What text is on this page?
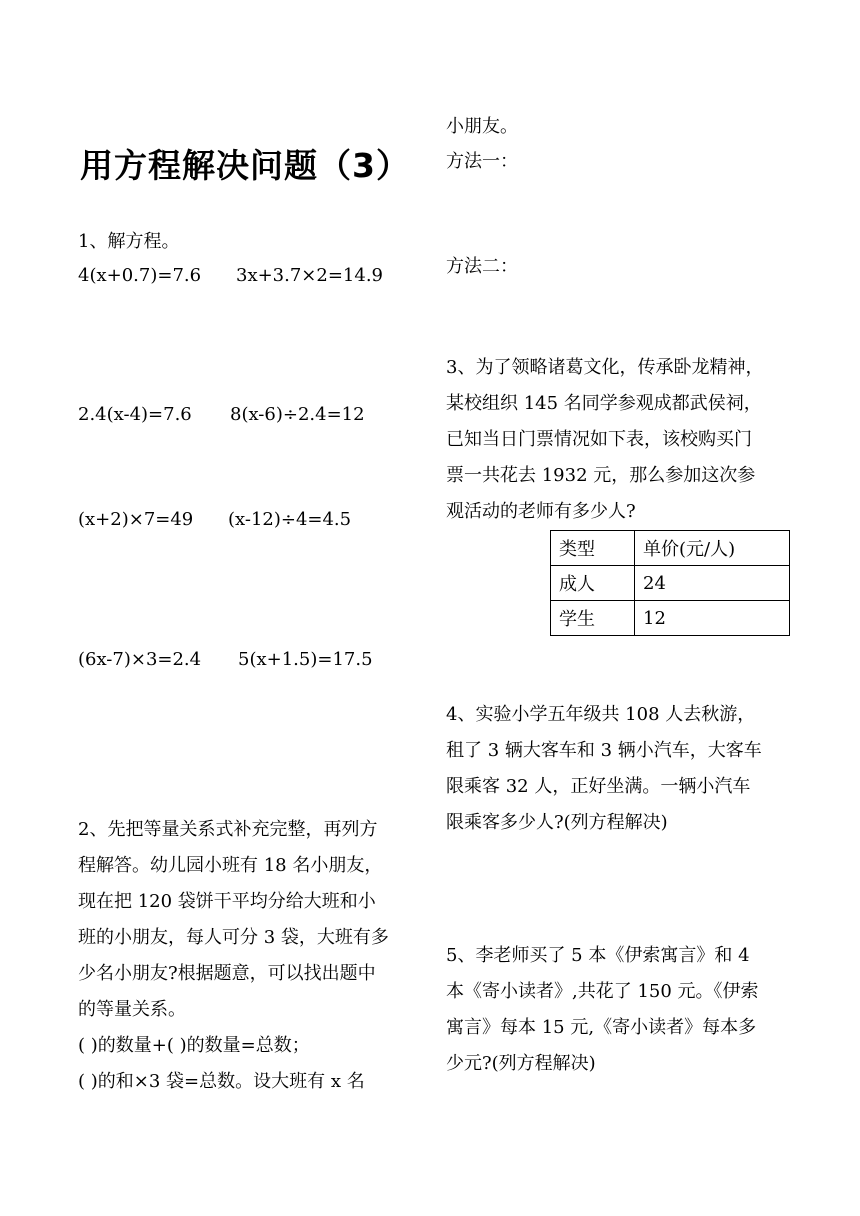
用方程解决问题（3）
1、解方程。
4(x+0.7)=7.6 3x+3.7×2=14.9
2.4(x-4)=7.6 8(x-6)÷2.4=12
(x+2)×7=49 (x-12)÷4=4.5
(6x-7)×3=2.4 5(x+1.5)=17.5
2、先把等量关系式补充完整，再列方
程解答。幼儿园小班有 18 名小朋友，
现在把 120 袋饼干平均分给大班和小
班的小朋友，每人可分 3 袋，大班有多
少名小朋友?根据题意，可以找出题中
的等量关系。
( )的数量+( )的数量=总数；
( )的和×3 袋=总数。设大班有 x 名
小朋友。
方法一：
方法二：
3、为了领略诸葛文化，传承卧龙精神，
某校组织 145 名同学参观成都武侯祠，
已知当日门票情况如下表，该校购买门
票一共花去 1932 元，那么参加这次参
观活动的老师有多少人?
类型	单价(元/人)
成人	24
学生	12
4、实验小学五年级共 108 人去秋游，
租了 3 辆大客车和 3 辆小汽车，大客车
限乘客 32 人，正好坐满。一辆小汽车
限乘客多少人?(列方程解决)
5、李老师买了 5 本《伊索寓言》和 4
本《寄小读者》,共花了 150 元。《伊索
寓言》每本 15 元,《寄小读者》每本多
少元?(列方程解决)
